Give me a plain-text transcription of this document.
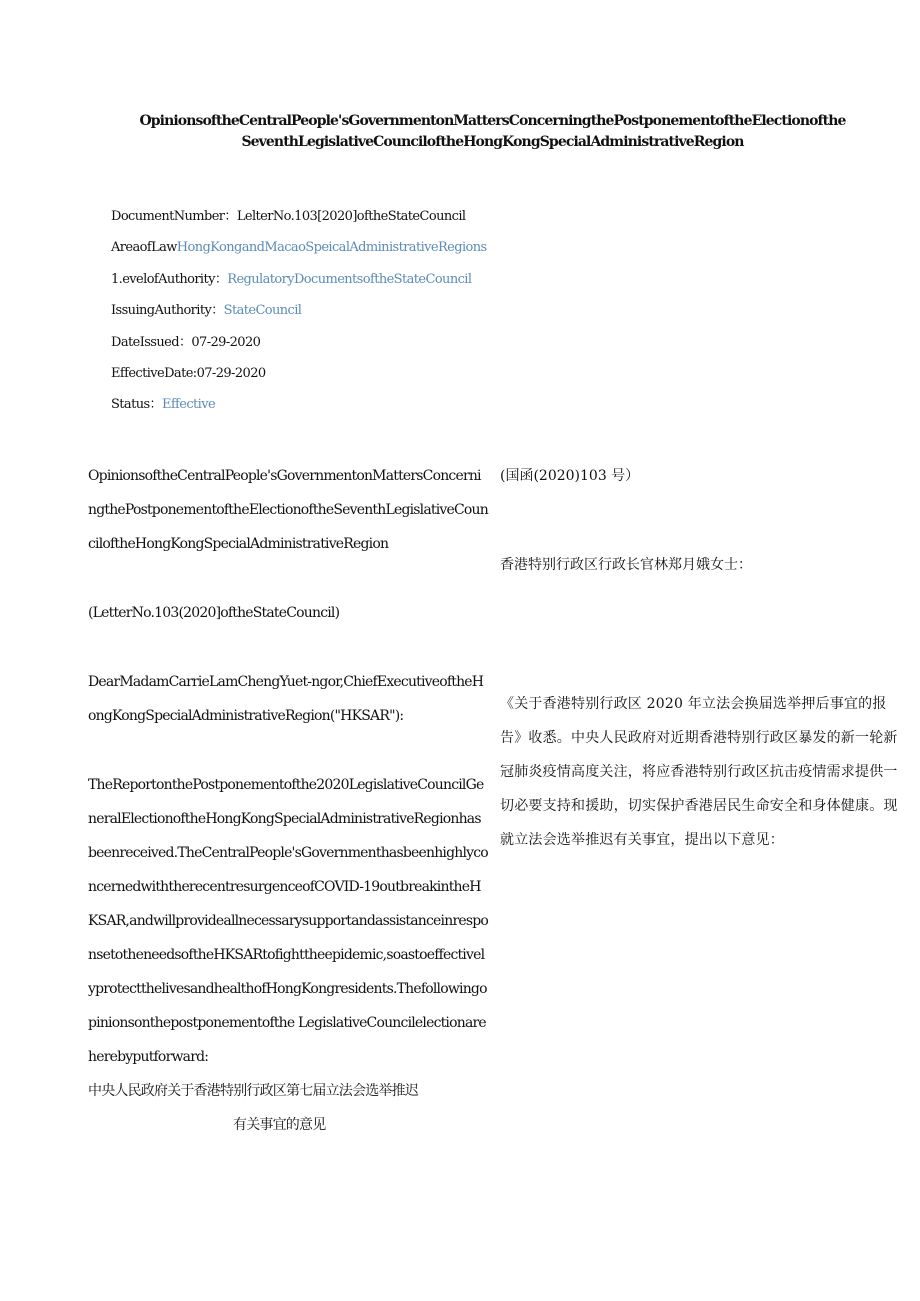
OpinionsoftheCentralPeople'sGovernmentonMattersConcerningthePostponementoftheElectionofthe
SeventhLegislativeCounciloftheHongKongSpecialAdministrativeRegion
DocumentNumber：LelterNo.103[2020]oftheStateCouncil
AreaofLawHongKongandMacaoSpeicalAdministrativeRegions
1.evelofAuthority：RegulatoryDocumentsoftheStateCouncil
IssuingAuthority：StateCouncil
DateIssued：07-29-2020
EffectiveDate:07-29-2020
Status：Effective

OpinionsoftheCentralPeople'sGovernmentonMattersConcerningthePostponementoftheElectionoftheSeventhLegislativeCounciloftheHongKongSpecialAdministrativeRegion

(LetterNo.103(2020]oftheStateCouncil)

DearMadamCarrieLamChengYuet-ngor,ChiefExecutiveoftheHongKongSpecialAdministrativeRegion("HKSAR"):

TheReportonthePostponementofthe2020LegislativeCouncilGeneralElectionoftheHongKongSpecialAdministrativeRegionhasbeenreceived.TheCentralPeople'sGovernmenthasbeenhighlyconcernedwiththerecentresurgenceofCOVID-19outbreakintheHKSAR,andwillprovideallnecessarysupportandassistanceinresponsetotheneedsoftheHKSARtofighttheepidemic,soastoeffectivelyprotectthelivesandhealthofHongKongresidents.Thefollowingopinionsonthepostponementofthe LegislativeCouncilelectionareherebyputforward:

中央人民政府关于香港特别行政区第七届立法会选举推迟

有关事宜的意见

(国函(2020)103 号）

香港特别行政区行政长官林郑月娥女士：

《关于香港特别行政区 2020 年立法会换届选举押后事宜的报告》收悉。中央人民政府对近期香港特别行政区暴发的新一轮新冠肺炎疫情高度关注，将应香港特别行政区抗击疫情需求提供一切必要支持和援助，切实保护香港居民生命安全和身体健康。现就立法会选举推迟有关事宜，提出以下意见：
